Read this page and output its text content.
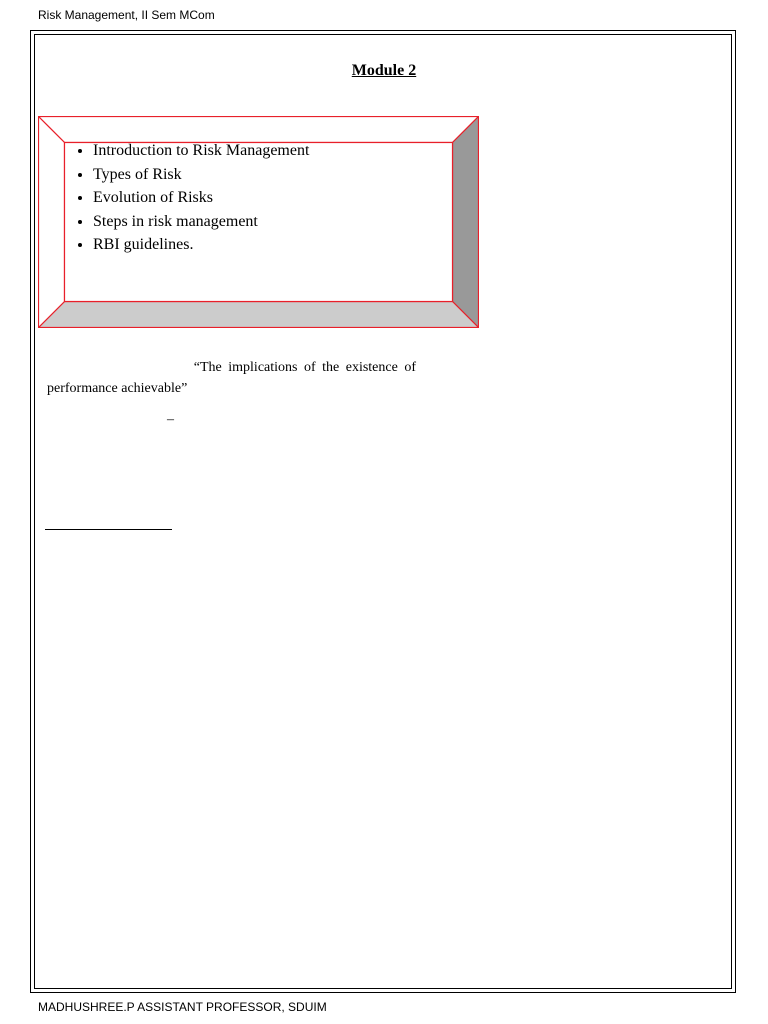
Risk Management, II Sem MCom
Module 2
• Introduction to Risk Management
• Types of Risk
• Evolution of Risks
• Steps in risk management
• RBI guidelines.
“The implications of the existence of
performance achievable”
–
MADHUSHREE.P ASSISTANT PROFESSOR, SDUIM
